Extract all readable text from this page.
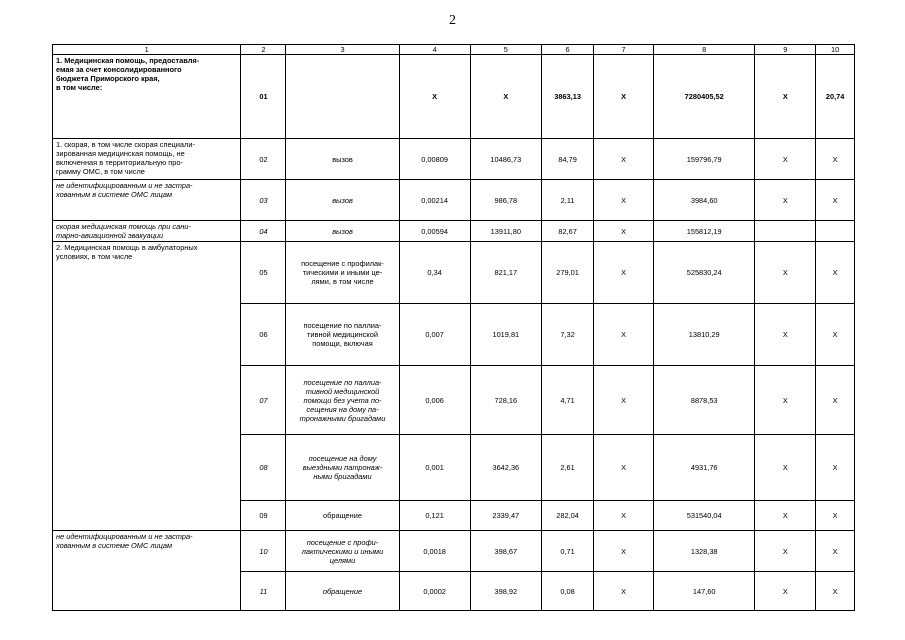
2
1	2	3	4	5	6	7	8	9	10
1. Медицинская помощь, предоставля-
емая за счет консолидированного
бюджета Приморского края,
в том числе:	01		Х	Х	3863,13	Х	7280405,52	Х	20,74
1. скорая, в том числе скорая специали-
зированная медицинская помощь, не
включенная в территориальную про-
грамму ОМС, в том числе	02	вызов	0,00809	10486,73	84,79	Х	159796,79	Х	Х
не идентифицированным и не застра-
хованным в системе ОМС лицам	03	вызов	0,00214	986,78	2,11	Х	3984,60	Х	Х
скорая медицинская помощь при сани-
тарно-авиационной эвакуации	04	вызов	0,00594	13911,80	82,67	Х	155812,19		
2. Медицинская помощь в амбулаторных
условиях, в том числе	05	посещение с профилак-
тическими и иными це-
лями, в том числе	0,34	821,17	279,01	Х	525830,24	Х	Х
	06	посещение по паллиа-
тивной медицинской
помощи, включая	0,007	1019,81	7,32	Х	13810,29	Х	Х
	07	посещение по паллиа-
тивной медицинской
помощи без учета по-
сещения на дому па-
тронажными бригадами	0,006	728,16	4,71	Х	8878,53	Х	Х
	08	посещение на дому
выездными патронаж-
ными бригадами	0,001	3642,36	2,61	Х	4931,76	Х	Х
	09	обращение	0,121	2339,47	282,04	Х	531540,04	Х	Х
не идентифицированным и не застра-
хованным в системе ОМС лицам	10	посещение с профи-
лактическими и иными
целями	0,0018	398,67	0,71	Х	1328,38	Х	Х
	11	обращение	0,0002	398,92	0,08	Х	147,60	Х	Х
